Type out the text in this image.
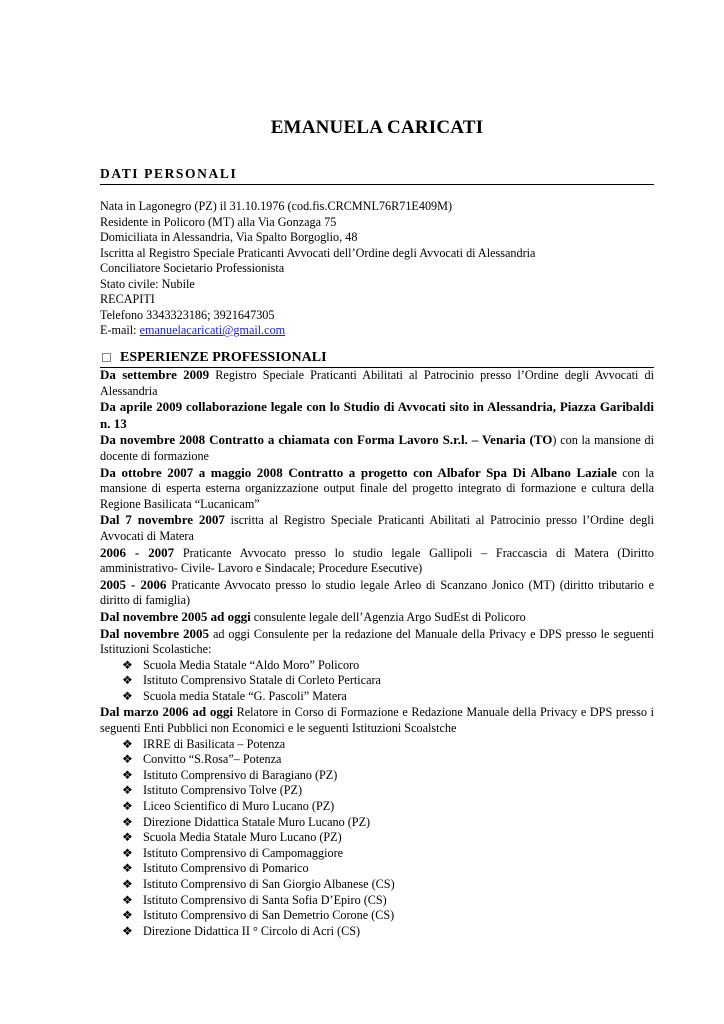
EMANUELA CARICATI
DATI PERSONALI
Nata in Lagonegro (PZ) il 31.10.1976 (cod.fis.CRCMNL76R71E409M)
Residente in Policoro (MT) alla Via Gonzaga 75
Domiciliata in Alessandria, Via Spalto Borgoglio, 48
Iscritta al Registro Speciale Praticanti Avvocati dell’Ordine degli Avvocati di Alessandria
Conciliatore Societario Professionista
Stato civile: Nubile
RECAPITI
Telefono 3343323186; 3921647305
E-mail: emanuelacaricati@gmail.com
ESPERIENZE PROFESSIONALI

Da settembre 2009 Registro Speciale Praticanti Abilitati al Patrocinio presso l’Ordine degli Avvocati di Alessandria

Da aprile 2009 collaborazione legale con lo Studio di Avvocati sito in Alessandria, Piazza Garibaldi n. 13

Da novembre 2008 Contratto a chiamata con Forma Lavoro S.r.l. – Venaria (TO) con la mansione di docente di formazione

Da ottobre 2007 a maggio 2008 Contratto a progetto con Albafor Spa Di Albano Laziale con la mansione di esperta esterna organizzazione output finale del progetto integrato di formazione e cultura della Regione Basilicata “Lucanicam”

Dal 7 novembre 2007 iscritta al Registro Speciale Praticanti Abilitati al Patrocinio presso l’Ordine degli Avvocati di Matera

2006 - 2007 Praticante Avvocato presso lo studio legale Gallipoli – Fraccascia di Matera (Diritto amministrativo- Civile- Lavoro e Sindacale; Procedure Esecutive)

2005 - 2006 Praticante Avvocato presso lo studio legale Arleo di Scanzano Jonico (MT) (diritto tributario e diritto di famiglia)

Dal novembre 2005 ad oggi consulente legale dell’Agenzia Argo SudEst di Policoro

Dal novembre 2005 ad oggi Consulente per la redazione del Manuale della Privacy e DPS presso le seguenti Istituzioni Scolastiche:

❖ Scuola Media Statale “Aldo Moro” Policoro
❖ Istituto Comprensivo Statale di Corleto Perticara
❖ Scuola media Statale “G. Pascoli” Matera

Dal marzo 2006 ad oggi Relatore in Corso di Formazione e Redazione Manuale della Privacy e DPS presso i seguenti Enti Pubblici non Economici e le seguenti Istituzioni Scoalstche

❖ IRRE di Basilicata – Potenza
❖ Convitto “S.Rosa”– Potenza
❖ Istituto Comprensivo di Baragiano (PZ)
❖ Istituto Comprensivo Tolve (PZ)
❖ Liceo Scientifico di Muro Lucano (PZ)
❖ Direzione Didattica Statale Muro Lucano (PZ)
❖ Scuola Media Statale Muro Lucano (PZ)
❖ Istituto Comprensivo di Campomaggiore
❖ Istituto Comprensivo di Pomarico
❖ Istituto Comprensivo di San Giorgio Albanese (CS)
❖ Istituto Comprensivo di Santa Sofia D’Epiro (CS)
❖ Istituto Comprensivo di San Demetrio Corone (CS)
❖ Direzione Didattica II ° Circolo di Acri (CS)
